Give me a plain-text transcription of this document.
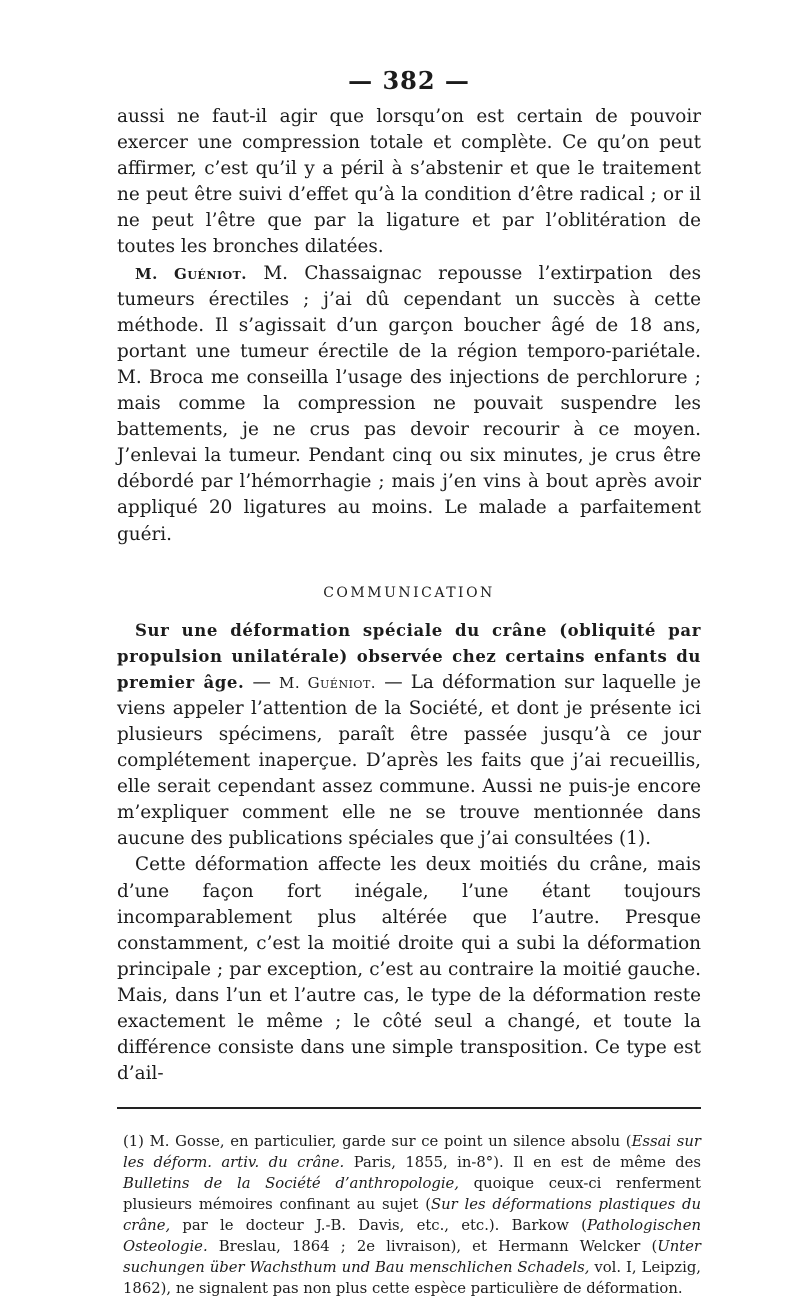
— 382 —

aussi ne faut-il agir que lorsqu’on est certain de pouvoir exercer une compression totale et complète. Ce qu’on peut affirmer, c’est qu’il y a péril à s’abstenir et que le traitement ne peut être suivi d’effet qu’à la condition d’être radical ; or il ne peut l’être que par la ligature et par l’oblitération de toutes les bronches dilatées.

M. Guéniot. M. Chassaignac repousse l’extirpation des tumeurs érectiles ; j’ai dû cependant un succès à cette méthode. Il s’agissait d’un garçon boucher âgé de 18 ans, portant une tumeur érectile de la région temporo-pariétale. M. Broca me conseilla l’usage des injections de perchlorure ; mais comme la compression ne pouvait suspendre les battements, je ne crus pas devoir recourir à ce moyen. J’enlevai la tumeur. Pendant cinq ou six minutes, je crus être débordé par l’hémorrhagie ; mais j’en vins à bout après avoir appliqué 20 ligatures au moins. Le malade a parfaitement guéri.

COMMUNICATION

Sur une déformation spéciale du crâne (obliquité par propulsion unilatérale) observée chez certains enfants du premier âge. — M. Guéniot. — La déformation sur laquelle je viens appeler l’attention de la Société, et dont je présente ici plusieurs spécimens, paraît être passée jusqu’à ce jour complétement inaperçue. D’après les faits que j’ai recueillis, elle serait cependant assez commune. Aussi ne puis-je encore m’expliquer comment elle ne se trouve mentionnée dans aucune des publications spéciales que j’ai consultées (1).

Cette déformation affecte les deux moitiés du crâne, mais d’une façon fort inégale, l’une étant toujours incomparablement plus altérée que l’autre. Presque constamment, c’est la moitié droite qui a subi la déformation principale ; par exception, c’est au contraire la moitié gauche. Mais, dans l’un et l’autre cas, le type de la déformation reste exactement le même ; le côté seul a changé, et toute la différence consiste dans une simple transposition. Ce type est d’ail-

(1) M. Gosse, en particulier, garde sur ce point un silence absolu (Essai sur les déform. artiv. du crâne. Paris, 1855, in-8°). Il en est de même des Bulletins de la Société d’anthropologie, quoique ceux-ci renferment plusieurs mémoires confinant au sujet (Sur les déformations plastiques du crâne, par le docteur J.-B. Davis, etc., etc.). Barkow (Pathologischen Osteologie. Breslau, 1864 ; 2e livraison), et Hermann Welcker (Unter suchungen über Wachsthum und Bau menschlichen Schadels, vol. I, Leipzig, 1862), ne signalent pas non plus cette espèce particulière de déformation.
